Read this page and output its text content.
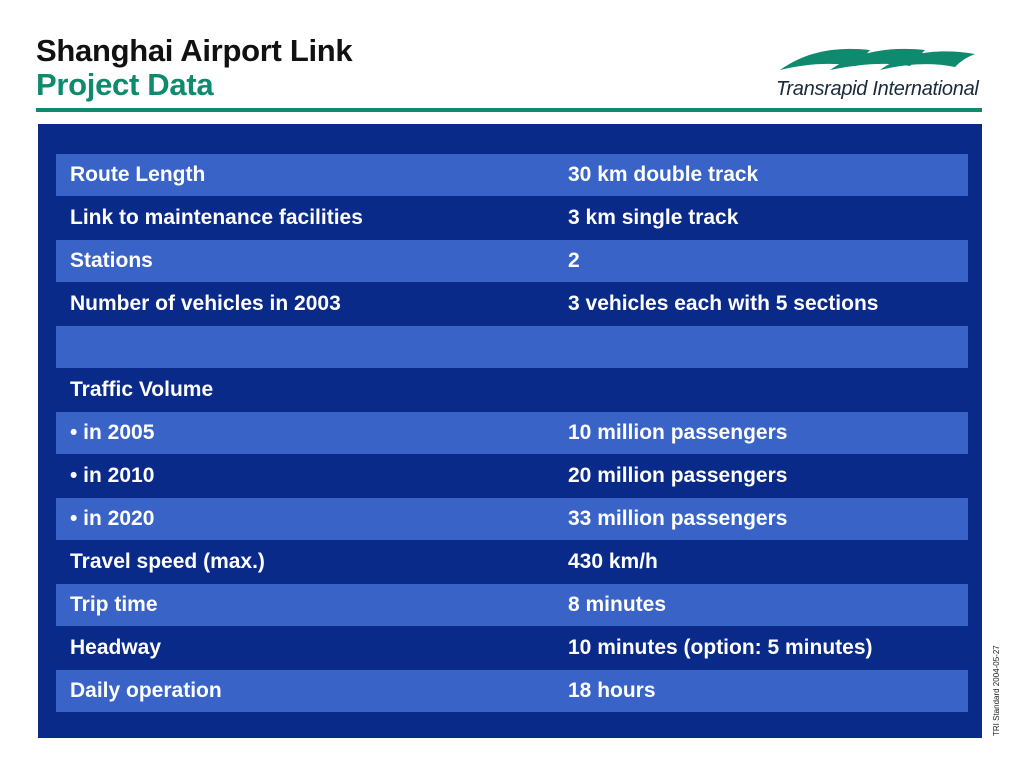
Shanghai Airport Link
Project Data	Transrapid International
Route Length	30 km double track
Link to maintenance facilities	3 km single track
Stations	2
Number of vehicles in 2003	3 vehicles each with 5 sections
Traffic Volume
• in 2005	10 million passengers
• in 2010	20 million passengers
• in 2020	33 million passengers
Travel speed (max.)	430 km/h
Trip time	8 minutes
Headway	10 minutes (option: 5 minutes)
Daily operation	18 hours	TRI Standard 2004-05-27
